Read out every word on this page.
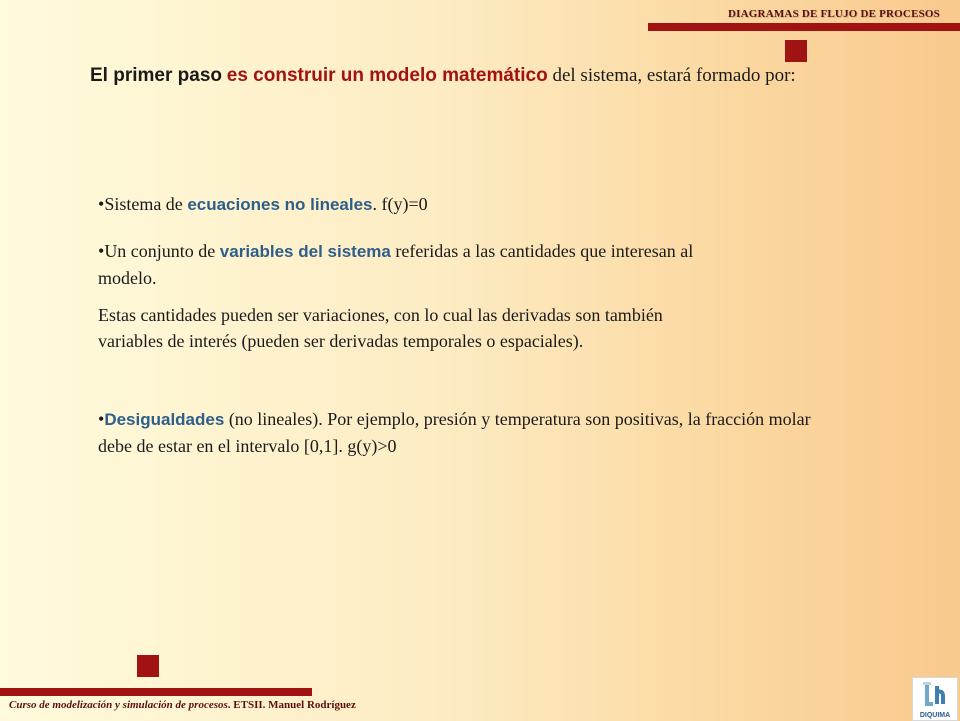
DIAGRAMAS DE FLUJO DE PROCESOS
El primer paso es construir un modelo matemático del sistema, estará formado por:
•Sistema de ecuaciones no lineales. f(y)=0
•Un conjunto de variables del sistema referidas a las cantidades que interesan al modelo.
Estas cantidades pueden ser variaciones, con lo cual las derivadas son también variables de interés (pueden ser derivadas temporales o espaciales).
•Desigualdades (no lineales). Por ejemplo, presión y temperatura son positivas, la fracción molar debe de estar en el intervalo [0,1]. g(y)>0
Curso de modelización y simulación de procesos. ETSII. Manuel Rodríguez
DIQUIMA
